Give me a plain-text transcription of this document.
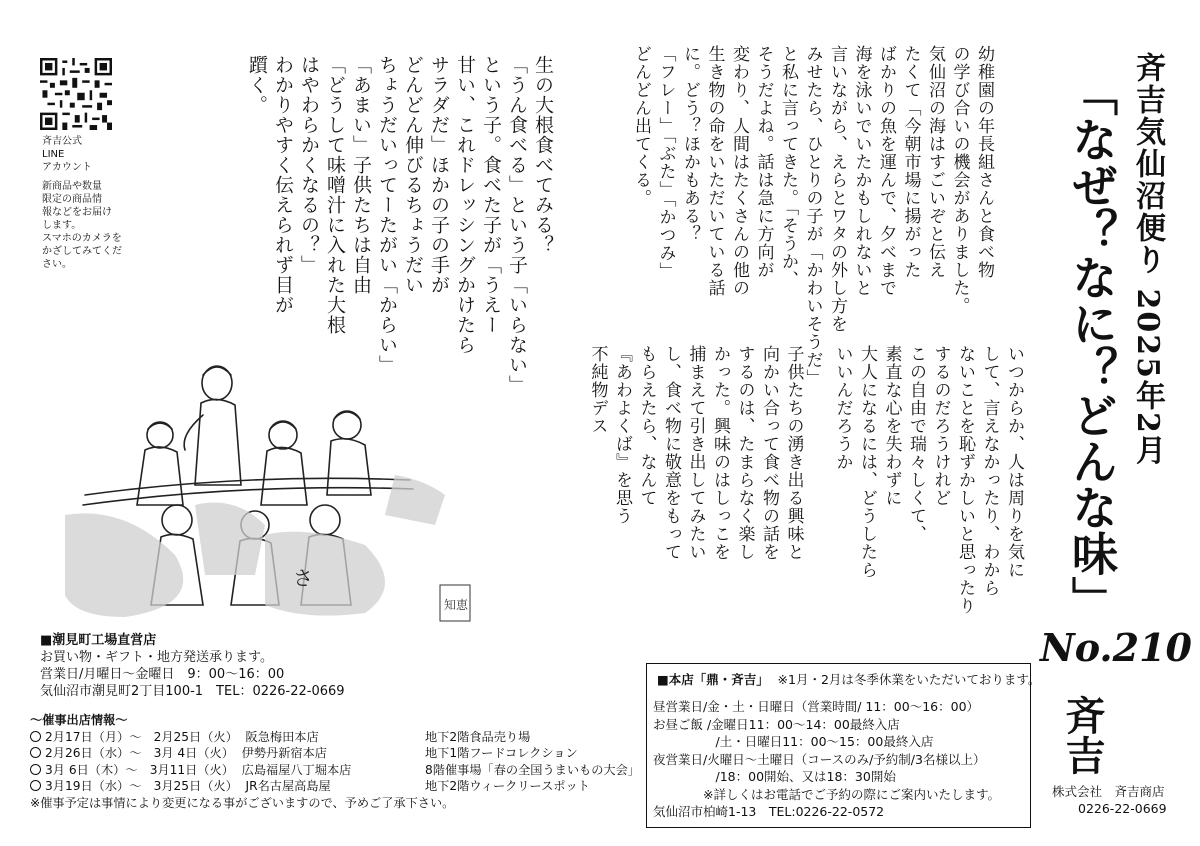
斉吉公式
LINE
アカウント
新商品や数量
限定の商品情
報などをお届け
します。
スマホのカメラを
かざしてみてくだ
さい。	斉吉気仙沼便り 2025年2月
「なぜ？なに？どんな味」
No.210
幼稚園の年長組さんと食べ物
の学び合いの機会がありました。
気仙沼の海はすごいぞと伝え
たくて「今朝市場に揚がった
ばかりの魚を運んで、夕べまで
海を泳いでいたかもしれないと
言いながら、えらとワタの外し方を
みせたら、ひとりの子が「かわいそうだ」
と私に言ってきた。「そうか、
そうだよね。話は急に方向が
変わり、人間はたくさんの他の
生き物の命をいただいている話
に。どう？ほかもある？
「フレー」「ぶた」「かつみ」
どんどん出てくる。
生の大根食べてみる？
「うん食べる」という子「いらない」
という子。食べた子が「うえー
甘い、これドレッシングかけたら
サラダだ」ほかの子の手が
どんどん伸びるちょうだい
ちょうだいってーたがい「からい」
「あまい」子供たちは自由
「どうして味噌汁に入れた大根
はやわらかくなるの？」
わかりやすく伝えられず目が
躓く。
いつからか、人は周りを気に
して、言えなかったり、わから
ないことを恥ずかしいと思ったり
するのだろうけれど
この自由で瑞々しくて、
素直な心を失わずに
大人になるには、どうしたら
いいんだろうか
子供たちの湧き出る興味と
向かい合って食べ物の話を
するのは、たまらなく楽し
かった。興味のはしっこを
捕まえて引き出してみたい
し、食べ物に敬意をもって
もらえたら、なんて
『あわよくば』を思う
不純物デス
さ
知恵
■潮見町工場直営店
お買い物・ギフト・地方発送承ります。
営業日/月曜日～金曜日　9：00～16：00
気仙沼市潮見町2丁目100-1　TEL：0226-22-0669
～催事出店情報～
2月17日（月）～　2月25日（火） 阪急梅田本店	地下2階食品売り場
2月26日（水）～　3月 4日（火） 伊勢丹新宿本店	地下1階フードコレクション
3月 6日（木）～　3月11日（火） 広島福屋八丁堀本店	8階催事場「春の全国うまいもの大会」
3月19日（水）～　3月25日（火） JR名古屋高島屋	地下2階ウィークリースポット
※催事予定は事情により変更になる事がございますので、予めご了承下さい。
■本店「鼎・斉吉」 ※1月・2月は冬季休業をいただいております。
昼営業日/金・土・日曜日（営業時間/ 11：00～16：00）
お昼ご飯 /金曜日11：00～14：00最終入店
　　　　　/土・日曜日11：00～15：00最終入店
夜営業日/火曜日～土曜日（コースのみ/予約制/3名様以上）
　　　　　/18：00開始、又は18：30開始
　　　　※詳しくはお電話でご予約の際にご案内いたします。
気仙沼市柏崎1-13　TEL:0226-22-0572
斉吉
株式会社　斉吉商店
0226-22-0669
